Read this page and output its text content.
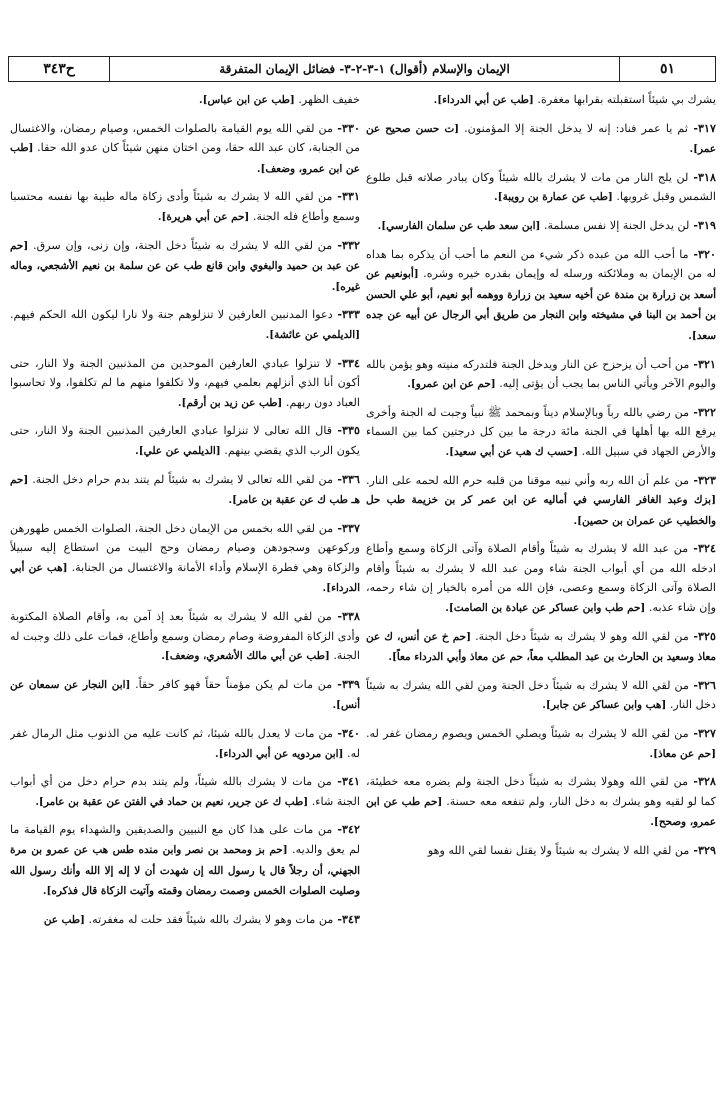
٥١
الإيمان والإسلام (أقوال) ١-٣-٢-٣- فضائل الإيمان المتفرقة
ح٣٤٣

يشرك بي شيئاً استقبلته بقرابها مغفرة. [طب عن أبي الدرداء].

٣١٧- ثم يا عمر فناد: إنه لا يدخل الجنة إلا المؤمنون. [ت حسن صحيح عن عمر].

٣١٨- لن يلج النار من مات لا يشرك بالله شيئاً وكان يبادر صلاته قبل طلوع الشمس وقبل غروبها. [طب عن عمارة بن رويبة].

٣١٩- لن يدخل الجنة إلا نفس مسلمة. [ابن سعد طب عن سلمان الفارسي].

٣٢٠- ما أحب الله من عبده ذكر شيء من النعم ما أحب أن يذكره بما هداه له من الإيمان به وملائكته ورسله له وإيمان بقدره خيره وشره. [أبونعيم عن أسعد بن زرارة بن مندة عن أخيه سعيد بن زرارة ووهمه أبو نعيم، أبو علي الحسن بن أحمد بن البنا في مشيخته وابن النجار من طريق أبي الرجال عن أبيه عن جده سعد].

٣٢١- من أحب أن يزحزح عن النار ويدخل الجنة فلتدركه منيته وهو يؤمن بالله واليوم الآخر ويأتي الناس بما يجب أن يؤتى إليه. [حم عن ابن عمرو].

٣٢٢- من رضي بالله رباً وبالإسلام ديناً وبمحمد ﷺ نبياً وجبت له الجنة وأخرى يرفع الله بها أهلها في الجنة مائة درجة ما بين كل درجتين كما بين السماء والأرض الجهاد في سبيل الله. [حسب ك هب عن أبي سعيد].

٣٢٣- من علم أن الله ربه وأني نبيه موقنا من قلبه حرم الله لحمه على النار. [بزك وعبد الغافر الفارسي في أماليه عن ابن عمر كر بن خزيمة طب حل والخطيب عن عمران بن حصين].

٣٢٤- من عبد الله لا يشرك به شيئاً وأقام الصلاة وآتى الزكاة وسمع وأطاع ادخله الله من أي أبواب الجنة شاء ومن عبد الله لا يشرك به شيئاً وأقام الصلاة وآتى الزكاة وسمع وعصى، فإن الله من أمره بالخيار إن شاء رحمه، وإن شاء عذبه. [حم طب وابن عساكر عن عبادة بن الصامت].

٣٢٥- من لقي الله وهو لا يشرك به شيئاً دخل الجنة. [حم خ عن أنس، ك عن معاذ وسعيد بن الحارث بن عبد المطلب معاً، حم عن معاذ وأبي الدرداء معاً].

٣٢٦- من لقي الله لا يشرك به شيئاً دخل الجنة ومن لقي الله يشرك به شيئاً دخل النار. [هب وابن عساكر عن جابر].

٣٢٧- من لقي الله لا يشرك به شيئاً ويصلي الخمس ويصوم رمضان غفر له. [حم عن معاذ].

٣٢٨- من لقي الله وهولا يشرك به شيئاً دخل الجنة ولم يضره معه خطيئة، كما لو لقيه وهو يشرك به دخل النار، ولم تنفعه معه حسنة. [حم طب عن ابن عمرو، وصحح].

٣٢٩- من لقي الله لا يشرك به شيئاً ولا يقتل نفسا لقي الله وهو

خفيف الظهر. [طب عن ابن عباس].

٣٣٠- من لقي الله يوم القيامة بالصلوات الخمس، وصيام رمضان، والاغتسال من الجنابة، كان عبد الله حقا، ومن اختان منهن شيئاً كان عدو الله حقا. [طب عن ابن عمرو، وضعف].

٣٣١- من لقي الله لا يشرك به شيئاً وأدى زكاة ماله طيبة بها نفسه محتسبا وسمع وأطاع فله الجنة. [حم عن أبي هريرة].

٣٣٢- من لقي الله لا يشرك به شيئاً دخل الجنة، وإن زنى، وإن سرق. [حم عن عبد بن حميد والبغوي وابن قانع طب عن عن سلمة بن نعيم الأشجعي، وماله غيره].

٣٣٣- دعوا المدنبين العارفين لا تنزلوهم جنة ولا نارا ليكون الله الحكم فيهم. [الديلمي عن عائشة].

٣٣٤- لا تنزلوا عبادي العارفين الموحدين من المذنبين الجنة ولا النار، حتى أكون أنا الذي أنزلهم بعلمي فيهم، ولا تكلفوا منهم ما لم تكلفوا، ولا تحاسبوا العباد دون ربهم. [طب عن زيد بن أرقم].

٣٣٥- قال الله تعالى لا تنزلوا عبادي العارفين المذنبين الجنة ولا النار، حتى يكون الرب الذي يقضي بينهم. [الديلمي عن علي].

٣٣٦- من لقي الله تعالى لا يشرك به شيئاً لم يتند بدم حرام دخل الجنة. [حم هـ طب ك عن عقبة بن عامر].

٣٣٧- من لقي الله بخمس من الإيمان دخل الجنة، الصلوات الخمس طهورهن وركوعهن وسجودهن وصيام رمضان وحج البيت من استطاع إليه سبيلاً والزكاة وهي فطرة الإسلام وأداء الأمانة والاغتسال من الجنابة. [هب عن أبي الدرداء].

٣٣٨- من لقي الله لا يشرك به شيئاً بعد إذ آمن به، وأقام الصلاة المكتوبة وأدى الزكاة المفروضة وصام رمضان وسمع وأطاع، فمات على ذلك وجبت له الجنة. [طب عن أبي مالك الأشعري، وضعف].

٣٣٩- من مات لم يكن مؤمناً حقاً فهو كافر حقاً. [ابن النجار عن سمعان عن أنس].

٣٤٠- من مات لا يعدل بالله شيئا، ثم كانت عليه من الذنوب مثل الرمال غفر له. [ابن مردويه عن أبي الدرداء].

٣٤١- من مات لا يشرك بالله شيئاً، ولم يتند بدم حرام دخل من أي أبواب الجنة شاء. [طب ك عن جرير، نعيم بن حماد في الفتن عن عقبة بن عامر].

٣٤٢- من مات على هذا كان مع النبيين والصديقين والشهداء يوم القيامة ما لم يعق والديه. [حم بز ومحمد بن نصر وابن منده طس هب عن عمرو بن مرة الجهني، أن رجلاً قال يا رسول الله إن شهدت أن لا إله إلا الله وأنك رسول الله وصليت الصلوات الخمس وصمت رمضان وقمته وآتيت الزكاة قال فذكره].

٣٤٣- من مات وهو لا يشرك بالله شيئاً فقد حلت له مغفرته. [طب عن
